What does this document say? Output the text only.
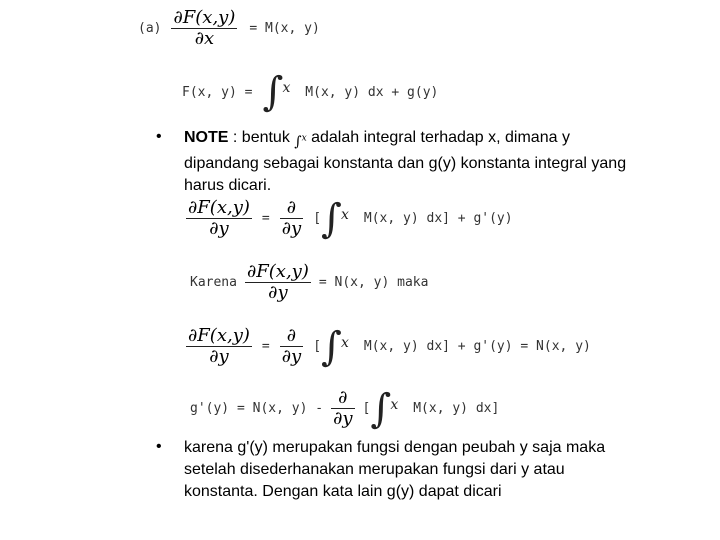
$(a) \frac{\partial F(x,y)}{\partial x} = M(x$, y)
F(x, y) = ∫ x M(x, y) dx + g(y)
• NOTE : bentuk ∫$^x$ adalah integral terhadap x, dimana y
dipandang sebagai konstanta dan g(y) konstanta integral yang
harus dicari.
$\frac{\partial F(x,y)}{\partial y} = \frac{\partial}{\partial y}$ [ ∫ x M(x, y) dx] + g'(y)
Karena $\frac{\partial F(x,y)}{\partial y} = N(x$, y) maka
$\frac{\partial F(x,y)}{\partial y} = \frac{\partial}{\partial y}$ [ ∫ x M(x, y) dx] + g'(y) = N(x, y)
g'(y) = N(x, $y) - \frac{\partial}{\partial y}$ [ ∫ x M(x, y) dx]
• karena g'(y) merupakan fungsi dengan peubah y saja maka
setelah disederhanakan merupakan fungsi dari y atau
konstanta. Dengan kata lain g(y) dapat dicari
